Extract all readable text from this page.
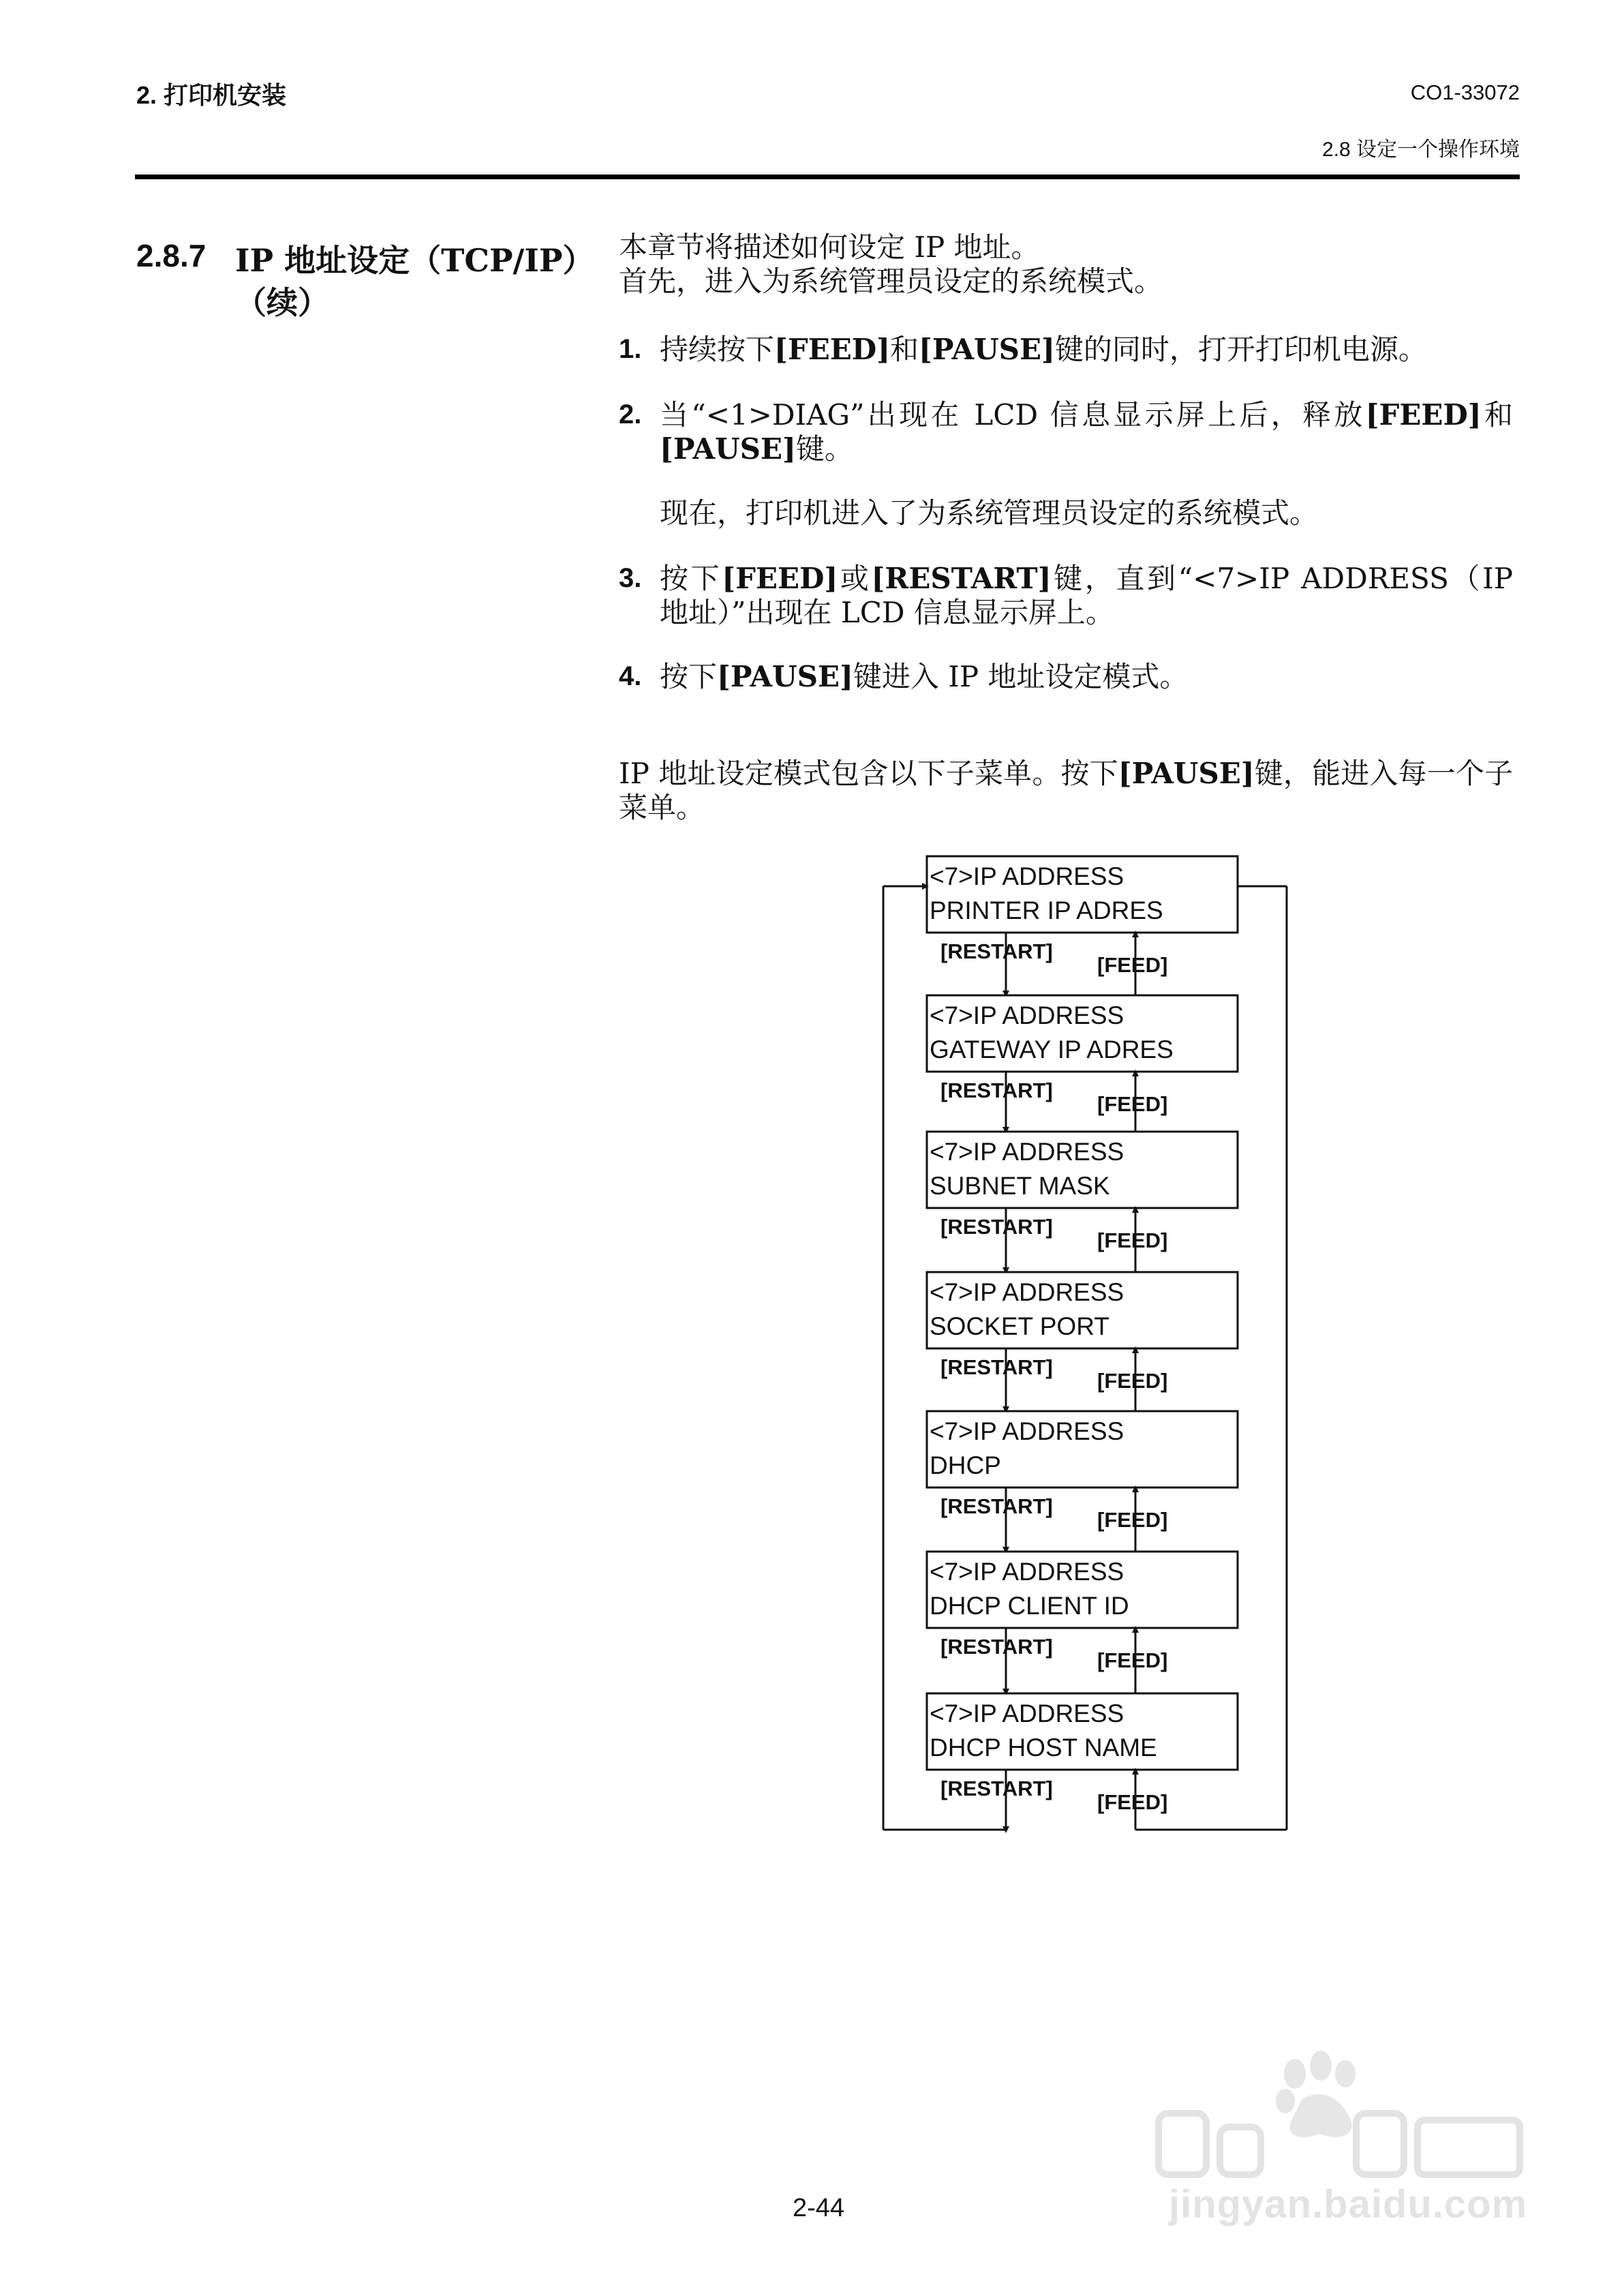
2. 打印机安装	CO1-33072
2.8 设定一个操作环境
2.8.7 IP 地址设定（TCP/IP）
（续）
本章节将描述如何设定 IP 地址。
首先，进入为系统管理员设定的系统模式。
1. 持续按下[FEED]和[PAUSE]键的同时，打开打印机电源。
2. 当“<1>DIAG”出现在 LCD 信息显示屏上后，释放[FEED]和[PAUSE]键。
现在，打印机进入了为系统管理员设定的系统模式。
3. 按下[FEED]或[RESTART]键，直到“<7>IP ADDRESS（IP 地址）”出现在 LCD 信息显示屏上。
4. 按下[PAUSE]键进入 IP 地址设定模式。
IP 地址设定模式包含以下子菜单。按下[PAUSE]键，能进入每一个子菜单。
<7>IP ADDRESS
PRINTER IP ADRES
[RESTART]
[FEED]
<7>IP ADDRESS
GATEWAY IP ADRES
[RESTART]
[FEED]
<7>IP ADDRESS
SUBNET MASK
[RESTART]
[FEED]
<7>IP ADDRESS
SOCKET PORT
[RESTART]
[FEED]
<7>IP ADDRESS
DHCP
[RESTART]
[FEED]
<7>IP ADDRESS
DHCP CLIENT ID
[RESTART]
[FEED]
<7>IP ADDRESS
DHCP HOST NAME
[RESTART]
[FEED]
2-44	jingyan.baidu.com
